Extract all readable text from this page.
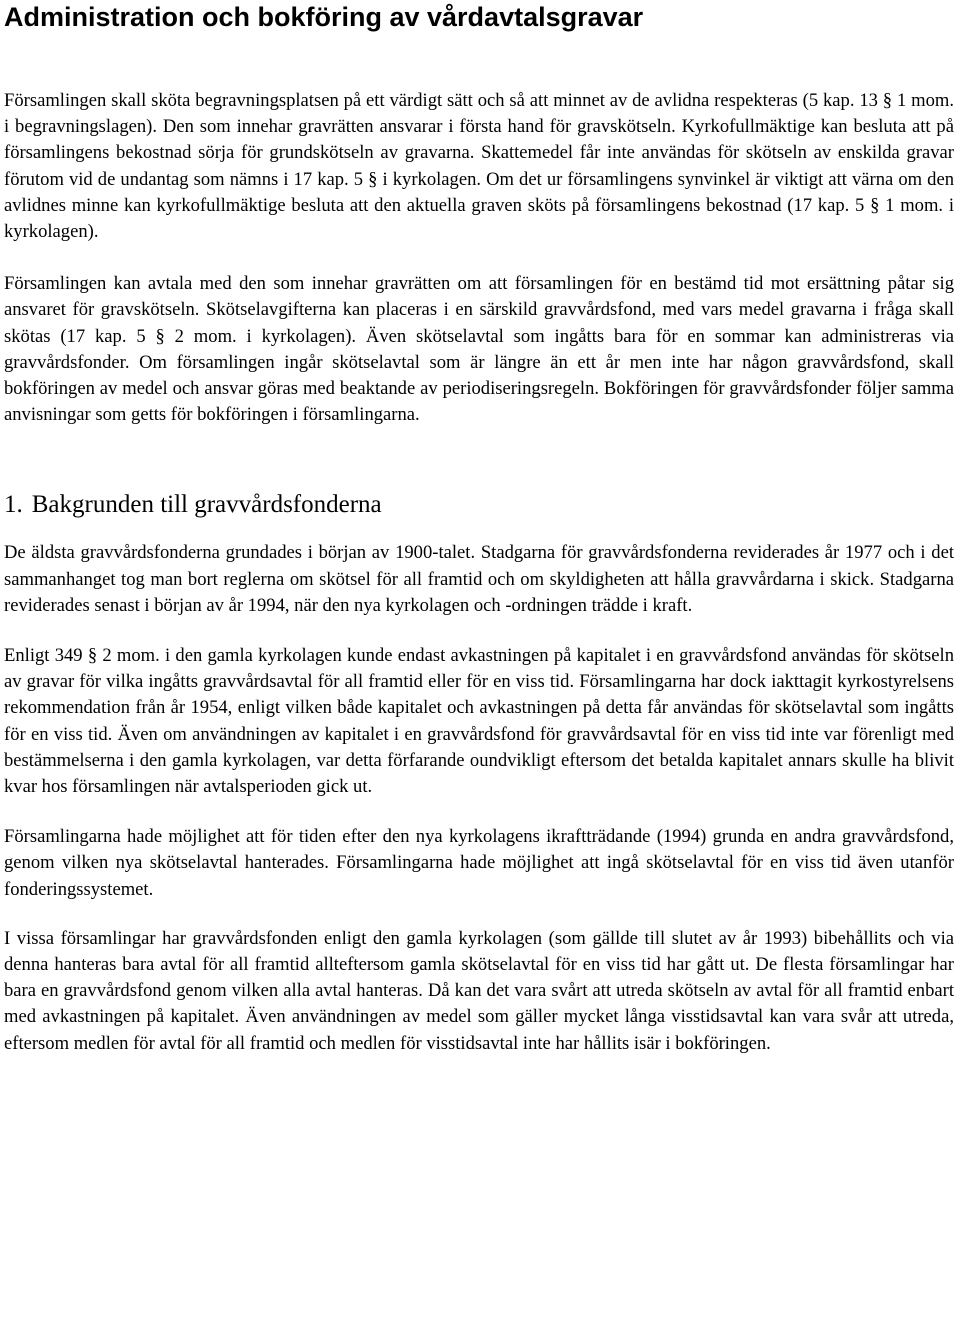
Administration och bokföring av vårdavtalsgravar

Församlingen skall sköta begravningsplatsen på ett värdigt sätt och så att minnet av de avlidna respekteras (5 kap. 13 § 1 mom. i begravningslagen). Den som innehar gravrätten ansvarar i första hand för gravskötseln. Kyrkofullmäktige kan besluta att på församlingens bekostnad sörja för grundskötseln av gravarna. Skattemedel får inte användas för skötseln av enskilda gravar förutom vid de undantag som nämns i 17 kap. 5 § i kyrkolagen. Om det ur församlingens synvinkel är viktigt att värna om den avlidnes minne kan kyrkofullmäktige besluta att den aktuella graven sköts på församlingens bekostnad (17 kap. 5 § 1 mom. i kyrkolagen).

Församlingen kan avtala med den som innehar gravrätten om att församlingen för en bestämd tid mot ersättning påtar sig ansvaret för gravskötseln. Skötselavgifterna kan placeras i en särskild gravvårdsfond, med vars medel gravarna i fråga skall skötas (17 kap. 5 § 2 mom. i kyrkolagen). Även skötselavtal som ingåtts bara för en sommar kan administreras via gravvårdsfonder. Om församlingen ingår skötselavtal som är längre än ett år men inte har någon gravvårdsfond, skall bokföringen av medel och ansvar göras med beaktande av periodiseringsregeln. Bokföringen för gravvårdsfonder följer samma anvisningar som getts för bokföringen i församlingarna.

1. Bakgrunden till gravvårdsfonderna

De äldsta gravvårdsfonderna grundades i början av 1900-talet. Stadgarna för gravvårdsfonderna reviderades år 1977 och i det sammanhanget tog man bort reglerna om skötsel för all framtid och om skyldigheten att hålla gravvårdarna i skick. Stadgarna reviderades senast i början av år 1994, när den nya kyrkolagen och -ordningen trädde i kraft.

Enligt 349 § 2 mom. i den gamla kyrkolagen kunde endast avkastningen på kapitalet i en gravvårdsfond användas för skötseln av gravar för vilka ingåtts gravvårdsavtal för all framtid eller för en viss tid. Församlingarna har dock iakttagit kyrkostyrelsens rekommendation från år 1954, enligt vilken både kapitalet och avkastningen på detta får användas för skötselavtal som ingåtts för en viss tid. Även om användningen av kapitalet i en gravvårdsfond för gravvårdsavtal för en viss tid inte var förenligt med bestämmelserna i den gamla kyrkolagen, var detta förfarande oundvikligt eftersom det betalda kapitalet annars skulle ha blivit kvar hos församlingen när avtalsperioden gick ut.

Församlingarna hade möjlighet att för tiden efter den nya kyrkolagens ikraftträdande (1994) grunda en andra gravvårdsfond, genom vilken nya skötselavtal hanterades. Församlingarna hade möjlighet att ingå skötselavtal för en viss tid även utanför fonderingssystemet.

I vissa församlingar har gravvårdsfonden enligt den gamla kyrkolagen (som gällde till slutet av år 1993) bibehållits och via denna hanteras bara avtal för all framtid allteftersom gamla skötselavtal för en viss tid har gått ut. De flesta församlingar har bara en gravvårdsfond genom vilken alla avtal hanteras. Då kan det vara svårt att utreda skötseln av avtal för all framtid enbart med avkastningen på kapitalet. Även användningen av medel som gäller mycket långa visstidsavtal kan vara svår att utreda, eftersom medlen för avtal för all framtid och medlen för visstidsavtal inte har hållits isär i bokföringen.
